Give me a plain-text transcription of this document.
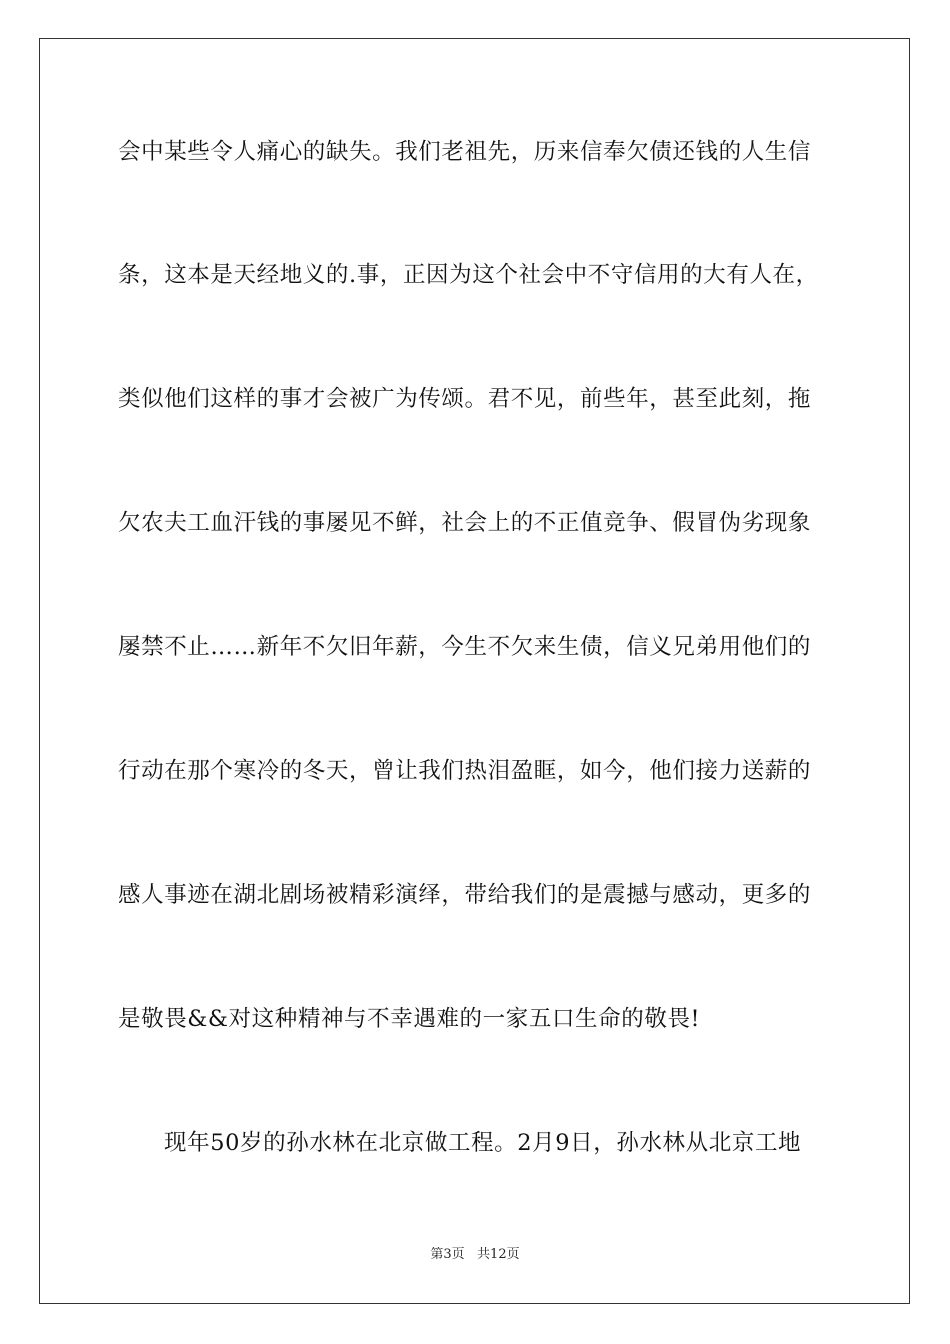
会中某些令人痛心的缺失。我们老祖先，历来信奉欠债还钱的人生信
条，这本是天经地义的.事，正因为这个社会中不守信用的大有人在，
类似他们这样的事才会被广为传颂。君不见，前些年，甚至此刻，拖
欠农夫工血汗钱的事屡见不鲜，社会上的不正值竞争、假冒伪劣现象
屡禁不止……新年不欠旧年薪，今生不欠来生债，信义兄弟用他们的
行动在那个寒冷的冬天，曾让我们热泪盈眶，如今，他们接力送薪的
感人事迹在湖北剧场被精彩演绎，带给我们的是震撼与感动，更多的
是敬畏&&对这种精神与不幸遇难的一家五口生命的敬畏!
现年50岁的孙水林在北京做工程。2月9日，孙水林从北京工地
第3页   共12页
